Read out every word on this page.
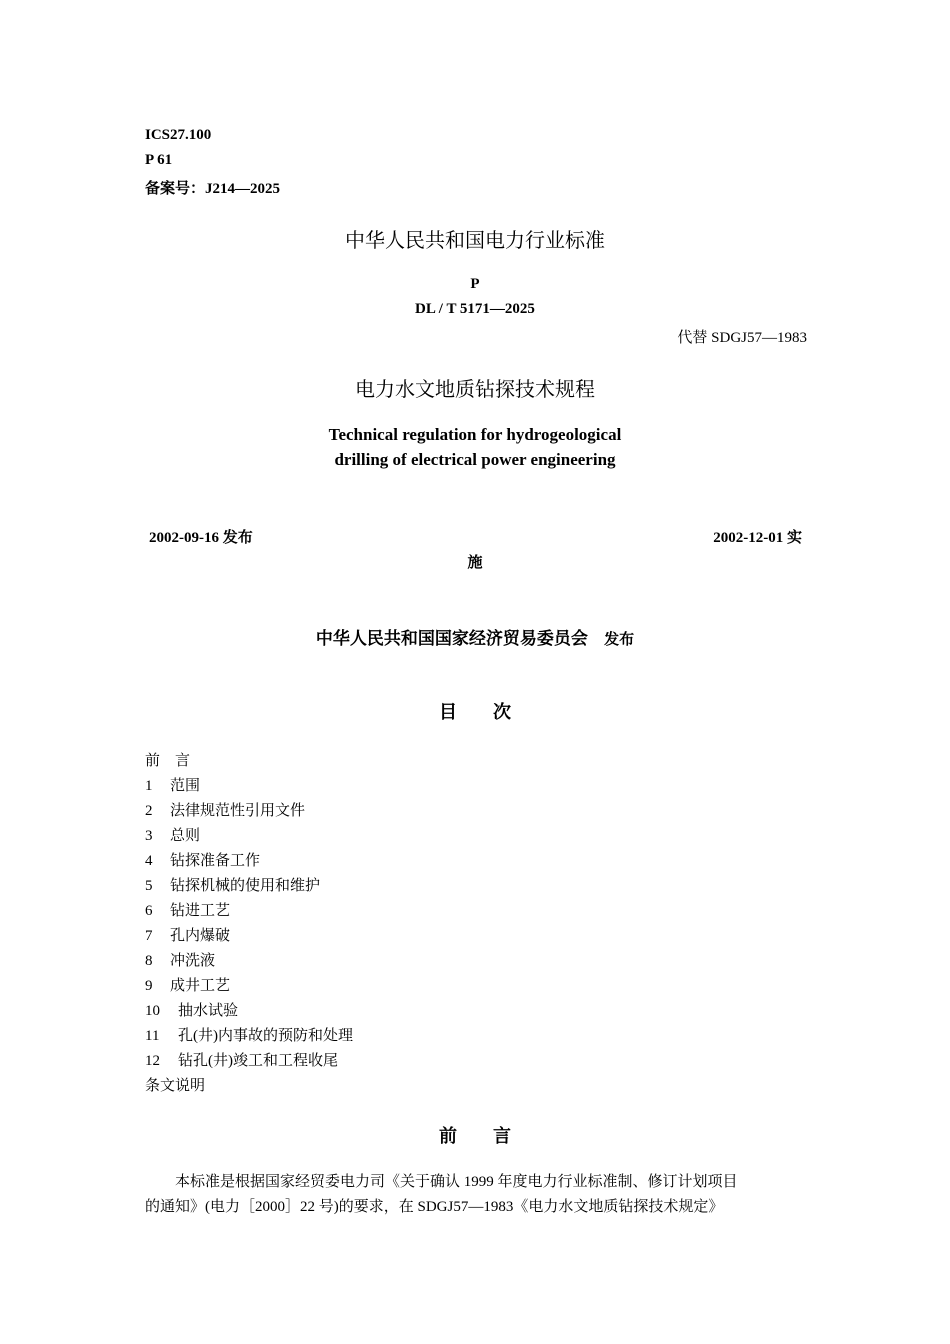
ICS27.100
P 61
备案号：J214—2025
中华人民共和国电力行业标准
P
DL / T 5171—2025
代替 SDGJ57—1983
电力水文地质钻探技术规程
Technical regulation for hydrogeological
drilling of electrical power engineering
2002-09-16 发布	2002-12-01 实
施
中华人民共和国国家经济贸易委员会 发布
目　　次
前　言
1 范围
2 法律规范性引用文件
3 总则
4 钻探准备工作
5 钻探机械的使用和维护
6 钻进工艺
7 孔内爆破
8 冲洗液
9 成井工艺
10 抽水试验
11 孔(井)内事故的预防和处理
12 钻孔(井)竣工和工程收尾
条文说明
前　　言
本标准是根据国家经贸委电力司《关于确认 1999 年度电力行业标准制、修订计划项目
的通知》(电力［2000］22 号)的要求，在 SDGJ57—1983《电力水文地质钻探技术规定》
